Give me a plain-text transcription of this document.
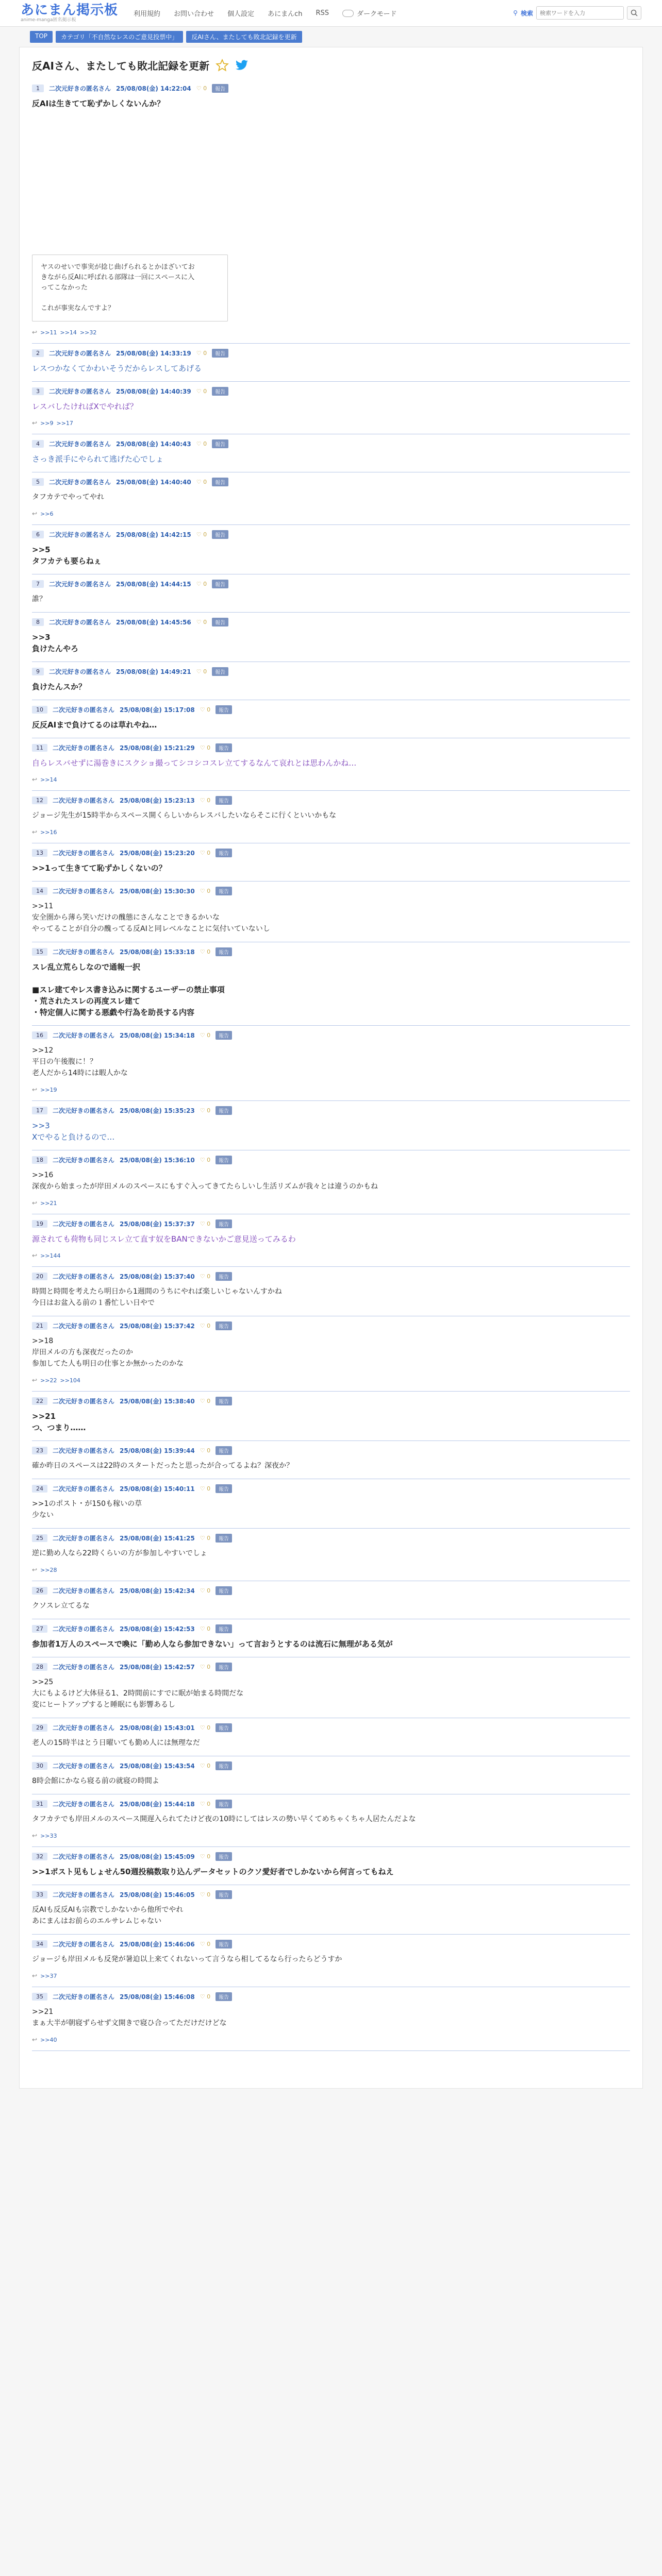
あにまん掲示板
anime-manga匿名掲示板
利用規約 お問い合わせ 個人設定 あにまんch RSS	ダークモード	⚲ 検索
検索ワードを入力
TOP	カテゴリ「不自然なレスのご意見投票中」	反AIさん、またしても敗北記録を更新
反AIさん、またしても敗北記録を更新
1	二次元好きの匿名さん 25/08/08(金) 14:22:04 ♡ 0	報告
反AIは生きてて恥ずかしくないんか？
ヤスのせいで事実が捻じ曲げられるとかほざいてお
きながら反AIに呼ばれる部隊は一回にスペースに入
ってこなかった

これが事実なんですよ？
↩ >>11 >>14 >>32
2	二次元好きの匿名さん 25/08/08(金) 14:33:19 ♡ 0	報告
レスつかなくてかわいそうだからレスしてあげる
3	二次元好きの匿名さん 25/08/08(金) 14:40:39 ♡ 0	報告
レスバしたければXでやれば？
↩ >>9 >>17
4	二次元好きの匿名さん 25/08/08(金) 14:40:43 ♡ 0	報告
さっき派手にやられて逃げた心でしょ
5	二次元好きの匿名さん 25/08/08(金) 14:40:40 ♡ 0	報告
タフカテでやってやれ
↩ >>6
6	二次元好きの匿名さん 25/08/08(金) 14:42:15 ♡ 0	報告
>>5
タフカテも要らねぇ
7	二次元好きの匿名さん 25/08/08(金) 14:44:15 ♡ 0	報告
誰？
8	二次元好きの匿名さん 25/08/08(金) 14:45:56 ♡ 0	報告
>>3
負けたんやろ
9	二次元好きの匿名さん 25/08/08(金) 14:49:21 ♡ 0	報告
負けたんスか？
10	二次元好きの匿名さん 25/08/08(金) 15:17:08 ♡ 0	報告
反反AIまで負けてるのは草れやね…
11	二次元好きの匿名さん 25/08/08(金) 15:21:29 ♡ 0	報告
自らレスバせずに湯巻きにスクショ撮ってシコシコスレ立てするなんて哀れとは思わんかね…
↩ >>14
12	二次元好きの匿名さん 25/08/08(金) 15:23:13 ♡ 0	報告
ジョージ先生が15時半からスペース開くらしいからレスバしたいならそこに行くといいかもな
↩ >>16
13	二次元好きの匿名さん 25/08/08(金) 15:23:20 ♡ 0	報告
>>1って生きてて恥ずかしくないの？
14	二次元好きの匿名さん 25/08/08(金) 15:30:30 ♡ 0	報告
>>11
安全圏から薄ら笑いだけの醜態にさんなことできるかいな
やってることが自分の醜ってる反AIと同レベルなことに気付いていないし
15	二次元好きの匿名さん 25/08/08(金) 15:33:18 ♡ 0	報告
スレ乱立荒らしなので通報一択

■スレ建てやレス書き込みに関するユーザーの禁止事項
・荒されたスレの再度スレ建て
・特定個人に関する悪戯や行為を助長する内容
16	二次元好きの匿名さん 25/08/08(金) 15:34:18 ♡ 0	報告
>>12
平日の午後腹に！？
老人だから14時には暇人かな
↩ >>19
17	二次元好きの匿名さん 25/08/08(金) 15:35:23 ♡ 0	報告
>>3
Xでやると負けるので…
18	二次元好きの匿名さん 25/08/08(金) 15:36:10 ♡ 0	報告
>>16
深夜から始まったが岸田メルのスペースにもすぐ入ってきてたらしいし生活リズムが我々とは違うのかもね
↩ >>21
19	二次元好きの匿名さん 25/08/08(金) 15:37:37 ♡ 0	報告
源されても荷物も同じスレ立て直す奴をBANできないかご意見送ってみるわ
↩ >>144
20	二次元好きの匿名さん 25/08/08(金) 15:37:40 ♡ 0	報告
時間と時間を考えたら明日から1週間のうちにやれば楽しいじゃないんすかね
今日はお盆入る前の１番忙しい日やで
21	二次元好きの匿名さん 25/08/08(金) 15:37:42 ♡ 0	報告
>>18
岸田メルの方も深夜だったのか
参加してた人も明日の仕事とか無かったのかな
↩ >>22 >>104
22	二次元好きの匿名さん 25/08/08(金) 15:38:40 ♡ 0	報告
>>21
つ、つまり……
23	二次元好きの匿名さん 25/08/08(金) 15:39:44 ♡ 0	報告
確か昨日のスペースは22時のスタートだったと思ったが合ってるよね？深夜か？
24	二次元好きの匿名さん 25/08/08(金) 15:40:11 ♡ 0	報告
>>1のポスト・が150も稼いの草
少ない
25	二次元好きの匿名さん 25/08/08(金) 15:41:25 ♡ 0	報告
逆に勤め人なら22時くらいの方が参加しやすいでしょ
↩ >>28
26	二次元好きの匿名さん 25/08/08(金) 15:42:34 ♡ 0	報告
クソスレ立てるな
27	二次元好きの匿名さん 25/08/08(金) 15:42:53 ♡ 0	報告
参加者1万人のスペースで喚に「勤め人なら参加できない」って言おうとするのは流石に無理がある気が
28	二次元好きの匿名さん 25/08/08(金) 15:42:57 ♡ 0	報告
>>25
大にもよるけど大体昼る1、2時間前にすでに眠が始まる時間だな
変にヒートアップすると睡眠にも影響あるし
29	二次元好きの匿名さん 25/08/08(金) 15:43:01 ♡ 0	報告
老人の15時半はとう日曜いても勤め人には無理なだ
30	二次元好きの匿名さん 25/08/08(金) 15:43:54 ♡ 0	報告
8時会館にかなら寝る前の就寝の時間よ
31	二次元好きの匿名さん 25/08/08(金) 15:44:18 ♡ 0	報告
タフカテでも岸田メルのスペース開遅入られてたけど夜の10時にしてはレスの勢い早くてめちゃくちゃ人居たんだよな
↩ >>33
32	二次元好きの匿名さん 25/08/08(金) 15:45:09 ♡ 0	報告
>>1ポスト见もしょせん50週投稿数取り込んデータセットのクソ愛好者でしかないから何言ってもねえ
33	二次元好きの匿名さん 25/08/08(金) 15:46:05 ♡ 0	報告
反AIも反反AIも宗教でしかないから他所でやれ
あにまんはお前らのエルサレムじゃない
34	二次元好きの匿名さん 25/08/08(金) 15:46:06 ♡ 0	報告
ジョージも岸田メルも反発が暑迫以上来てくれないって言うなら相してるなら行ったらどうすか
↩ >>37
35	二次元好きの匿名さん 25/08/08(金) 15:46:08 ♡ 0	報告
>>21
まぁ大半が朝寝ずらせず文開きで寝ひ合ってただけだけどな
↩ >>40
